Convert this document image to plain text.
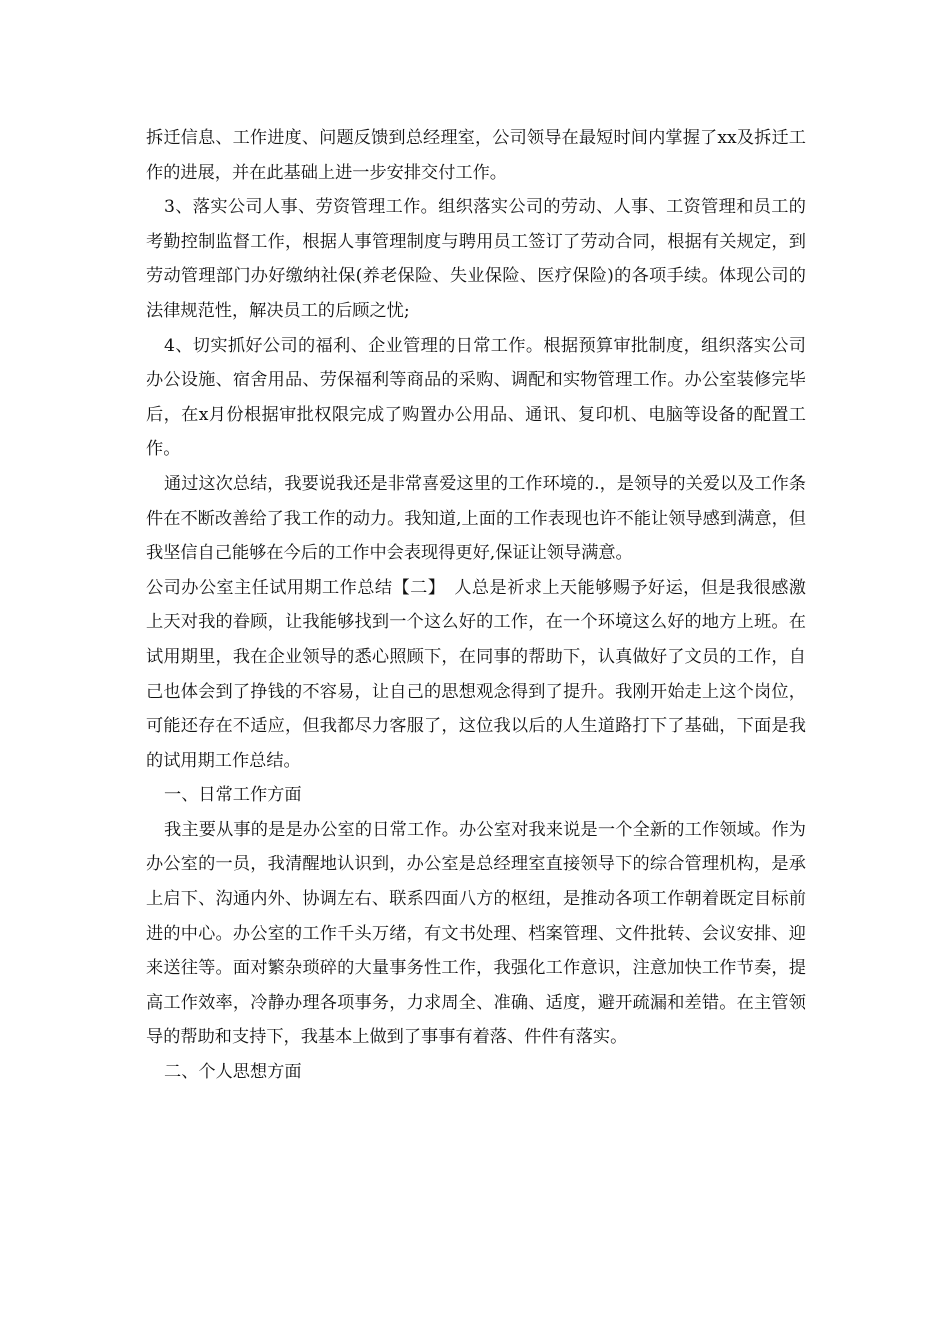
拆迁信息、工作进度、问题反馈到总经理室，公司领导在最短时间内掌握了xx及拆迁工作的进展，并在此基础上进一步安排交付工作。

3、落实公司人事、劳资管理工作。组织落实公司的劳动、人事、工资管理和员工的考勤控制监督工作，根据人事管理制度与聘用员工签订了劳动合同，根据有关规定，到劳动管理部门办好缴纳社保(养老保险、失业保险、医疗保险)的各项手续。体现公司的法律规范性，解决员工的后顾之忧;

4、切实抓好公司的福利、企业管理的日常工作。根据预算审批制度，组织落实公司办公设施、宿舍用品、劳保福利等商品的采购、调配和实物管理工作。办公室装修完毕后，在x月份根据审批权限完成了购置办公用品、通讯、复印机、电脑等设备的配置工作。

通过这次总结，我要说我还是非常喜爱这里的工作环境的.，是领导的关爱以及工作条件在不断改善给了我工作的动力。我知道,上面的工作表现也许不能让领导感到满意，但我坚信自己能够在今后的工作中会表现得更好,保证让领导满意。

公司办公室主任试用期工作总结【二】　人总是祈求上天能够赐予好运，但是我很感激上天对我的眷顾，让我能够找到一个这么好的工作，在一个环境这么好的地方上班。在试用期里，我在企业领导的悉心照顾下，在同事的帮助下，认真做好了文员的工作，自己也体会到了挣钱的不容易，让自己的思想观念得到了提升。我刚开始走上这个岗位，可能还存在不适应，但我都尽力客服了，这位我以后的人生道路打下了基础，下面是我的试用期工作总结。

一、日常工作方面

我主要从事的是是办公室的日常工作。办公室对我来说是一个全新的工作领域。作为办公室的一员，我清醒地认识到，办公室是总经理室直接领导下的综合管理机构，是承上启下、沟通内外、协调左右、联系四面八方的枢纽，是推动各项工作朝着既定目标前进的中心。办公室的工作千头万绪，有文书处理、档案管理、文件批转、会议安排、迎来送往等。面对繁杂琐碎的大量事务性工作，我强化工作意识，注意加快工作节奏，提高工作效率，冷静办理各项事务，力求周全、准确、适度，避开疏漏和差错。在主管领导的帮助和支持下，我基本上做到了事事有着落、件件有落实。

二、个人思想方面
